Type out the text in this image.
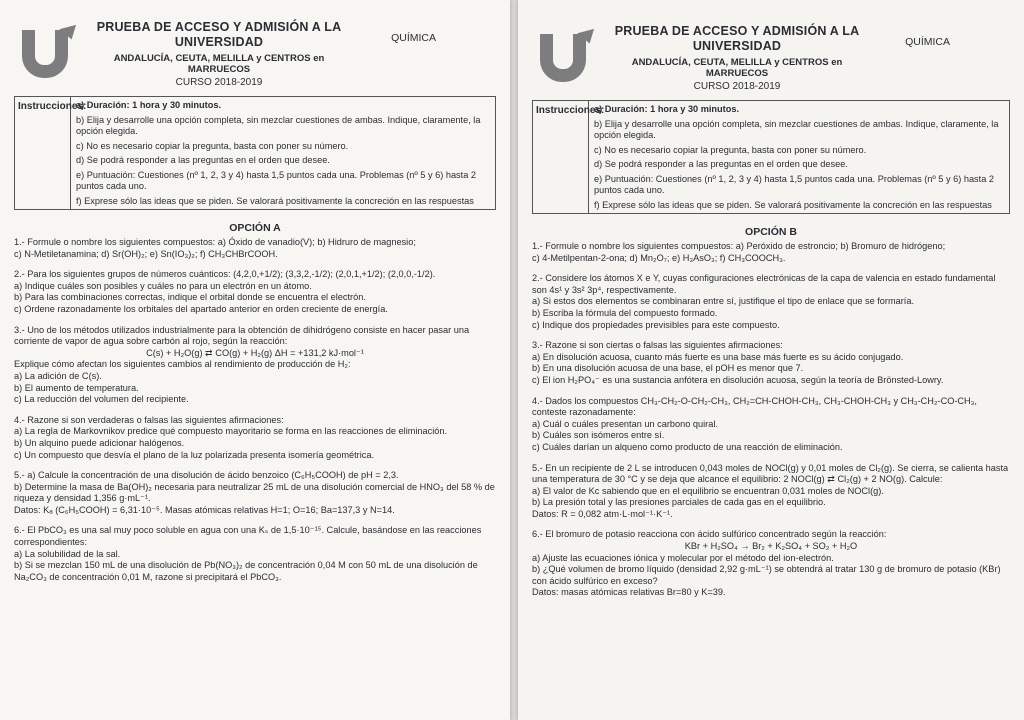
PRUEBA DE ACCESO Y ADMISIÓN A LA
UNIVERSIDAD
ANDALUCÍA, CEUTA, MELILLA y CENTROS en MARRUECOS
CURSO 2018-2019
QUÍMICA
Instrucciones:
a) Duración: 1 hora y 30 minutos.
b) Elija y desarrolle una opción completa, sin mezclar cuestiones de ambas. Indique, claramente, la opción elegida.
c) No es necesario copiar la pregunta, basta con poner su número.
d) Se podrá responder a las preguntas en el orden que desee.
e) Puntuación: Cuestiones (nº 1, 2, 3 y 4) hasta 1,5 puntos cada una. Problemas (nº 5 y 6) hasta 2 puntos cada uno.
f) Exprese sólo las ideas que se piden. Se valorará positivamente la concreción en las respuestas
OPCIÓN A

1.- Formule o nombre los siguientes compuestos: a) Óxido de vanadio(V); b) Hidruro de magnesio;

c) N-Metiletanamina; d) Sr(OH)₂; e) Sn(IO₃)₂; f) CH₃CHBrCOOH.

2.- Para los siguientes grupos de números cuánticos: (4,2,0,+1/2); (3,3,2,-1/2); (2,0,1,+1/2); (2,0,0,-1/2).

a) Indique cuáles son posibles y cuáles no para un electrón en un átomo.

b) Para las combinaciones correctas, indique el orbital donde se encuentra el electrón.

c) Ordene razonadamente los orbitales del apartado anterior en orden creciente de energía.

3.- Uno de los métodos utilizados industrialmente para la obtención de dihidrógeno consiste en hacer pasar una corriente de vapor de agua sobre carbón al rojo, según la reacción:

C(s) + H₂O(g) ⇄ CO(g) + H₂(g) ΔH = +131,2 kJ·mol⁻¹

Explique cómo afectan los siguientes cambios al rendimiento de producción de H₂:

a) La adición de C(s).

b) El aumento de temperatura.

c) La reducción del volumen del recipiente.

4.- Razone si son verdaderas o falsas las siguientes afirmaciones:

a) La regla de Markovnikov predice qué compuesto mayoritario se forma en las reacciones de eliminación.

b) Un alquino puede adicionar halógenos.

c) Un compuesto que desvía el plano de la luz polarizada presenta isomería geométrica.

5.- a) Calcule la concentración de una disolución de ácido benzoico (C₆H₅COOH) de pH = 2,3.

b) Determine la masa de Ba(OH)₂ necesaria para neutralizar 25 mL de una disolución comercial de HNO₃ del 58 % de riqueza y densidad 1,356 g·mL⁻¹.

Datos: Kₐ (C₆H₅COOH) = 6,31·10⁻⁵. Masas atómicas relativas H=1; O=16; Ba=137,3 y N=14.

6.- El PbCO₃ es una sal muy poco soluble en agua con una Kₛ de 1,5·10⁻¹⁵. Calcule, basándose en las reacciones correspondientes:

a) La solubilidad de la sal.

b) Si se mezclan 150 mL de una disolución de Pb(NO₃)₂ de concentración 0,04 M con 50 mL de una disolución de Na₂CO₃ de concentración 0,01 M, razone si precipitará el PbCO₃.

PRUEBA DE ACCESO Y ADMISIÓN A LA
UNIVERSIDAD
ANDALUCÍA, CEUTA, MELILLA y CENTROS en MARRUECOS
CURSO 2018-2019
QUÍMICA
Instrucciones:
a) Duración: 1 hora y 30 minutos.
b) Elija y desarrolle una opción completa, sin mezclar cuestiones de ambas. Indique, claramente, la opción elegida.
c) No es necesario copiar la pregunta, basta con poner su número.
d) Se podrá responder a las preguntas en el orden que desee.
e) Puntuación: Cuestiones (nº 1, 2, 3 y 4) hasta 1,5 puntos cada una. Problemas (nº 5 y 6) hasta 2 puntos cada uno.
f) Exprese sólo las ideas que se piden. Se valorará positivamente la concreción en las respuestas
OPCIÓN B

1.- Formule o nombre los siguientes compuestos: a) Peróxido de estroncio; b) Bromuro de hidrógeno;

c) 4-Metilpentan-2-ona; d) Mn₂O₇; e) H₃AsO₃; f) CH₃COOCH₃.

2.- Considere los átomos X e Y, cuyas configuraciones electrónicas de la capa de valencia en estado fundamental son 4s¹ y 3s² 3p⁴, respectivamente.

a) Si estos dos elementos se combinaran entre sí, justifique el tipo de enlace que se formaría.

b) Escriba la fórmula del compuesto formado.

c) Indique dos propiedades previsibles para este compuesto.

3.- Razone si son ciertas o falsas las siguientes afirmaciones:

a) En disolución acuosa, cuanto más fuerte es una base más fuerte es su ácido conjugado.

b) En una disolución acuosa de una base, el pOH es menor que 7.

c) El ion H₂PO₄⁻ es una sustancia anfótera en disolución acuosa, según la teoría de Brönsted-Lowry.

4.- Dados los compuestos CH₃-CH₂-O-CH₂-CH₃, CH₂=CH-CHOH-CH₃, CH₃-CHOH-CH₃ y CH₃-CH₂-CO-CH₃, conteste razonadamente:

a) Cuál o cuáles presentan un carbono quiral.

b) Cuáles son isómeros entre sí.

c) Cuáles darían un alqueno como producto de una reacción de eliminación.

5.- En un recipiente de 2 L se introducen 0,043 moles de NOCl(g) y 0,01 moles de Cl₂(g). Se cierra, se calienta hasta una temperatura de 30 °C y se deja que alcance el equilibrio: 2 NOCl(g) ⇄ Cl₂(g) + 2 NO(g). Calcule:

a) El valor de Kc sabiendo que en el equilibrio se encuentran 0,031 moles de NOCl(g).

b) La presión total y las presiones parciales de cada gas en el equilibrio.

Datos: R = 0,082 atm·L·mol⁻¹·K⁻¹.

6.- El bromuro de potasio reacciona con ácido sulfúrico concentrado según la reacción:

KBr + H₂SO₄ → Br₂ + K₂SO₄ + SO₂ + H₂O

a) Ajuste las ecuaciones iónica y molecular por el método del ion-electrón.

b) ¿Qué volumen de bromo líquido (densidad 2,92 g·mL⁻¹) se obtendrá al tratar 130 g de bromuro de potasio (KBr) con ácido sulfúrico en exceso?

Datos: masas atómicas relativas Br=80 y K=39.
